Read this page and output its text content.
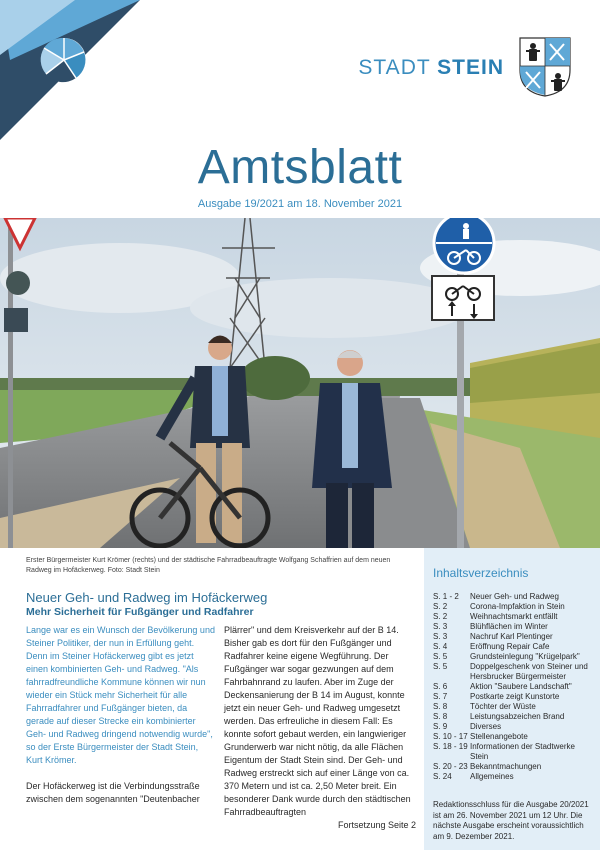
STADT STEIN
Amtsblatt
Ausgabe 19/2021 am 18. November 2021
Erster Bürgermeister Kurt Krömer (rechts) und der städtische Fahrradbeauftragte Wolfgang Schaffrien auf dem neuen Radweg im Hofäckerweg. Foto: Stadt Stein	Inhaltsverzeichnis
S. 1 - 2	Neuer Geh- und Radweg
S. 2	Corona-Impfaktion in Stein
S. 2	Weihnachtsmarkt entfällt
S. 3	Blühflächen im Winter
S. 3	Nachruf Karl Plentinger
S. 4	Eröffnung Repair Cafe
S. 5	Grundsteinlegung "Krügelpark"
S. 5	Doppelgeschenk von Steiner und Hersbrucker Bürgermeister
S. 6	Aktion "Saubere Landschaft"
S. 7	Postkarte zeigt Kunstorte
S. 8	Töchter der Wüste
S. 8	Leistungsabzeichen Brand
S. 9	Diverses
S. 10 - 17 Stellenangebote
S. 18 - 19 Informationen der Stadtwerke Stein
S. 20 - 23 Bekanntmachungen
S. 24	Allgemeines
Redaktionsschluss für die Ausgabe 20/2021 ist am 26. November 2021 um 12 Uhr. Die nächste Ausgabe erscheint voraussichtlich am 9. Dezember 2021.
Neuer Geh- und Radweg im Hofäckerweg
Mehr Sicherheit für Fußgänger und Radfahrer

Lange war es ein Wunsch der Bevölkerung und Steiner Politiker, der nun in Erfüllung geht. Denn im Steiner Hofäckerweg gibt es jetzt einen kombinierten Geh- und Radweg. "Als fahrradfreundliche Kommune können wir nun wieder ein Stück mehr Sicherheit für alle Fahrradfahrer und Fußgänger bieten, da gerade auf dieser Strecke ein kombinierter Geh- und Radweg dringend notwendig wurde", so der Erste Bürgermeister der Stadt Stein, Kurt Krömer.

Der Hofäckerweg ist die Verbindungsstraße zwischen dem sogenannten "Deutenbacher

Plärrer" und dem Kreisverkehr auf der B 14. Bisher gab es dort für den Fußgänger und Radfahrer keine eigene Wegführung. Der Fußgänger war sogar gezwungen auf dem Fahrbahnrand zu laufen. Aber im Zuge der Deckensanierung der B 14 im August, konnte jetzt ein neuer Geh- und Radweg umgesetzt werden. Das erfreuliche in diesem Fall: Es konnte sofort gebaut werden, ein langwieriger Grunderwerb war nicht nötig, da alle Flächen Eigentum der Stadt Stein sind. Der Geh- und Radweg erstreckt sich auf einer Länge von ca. 370 Metern und ist ca. 2,50 Meter breit. Ein besonderer Dank wurde durch den städtischen Fahrradbeauftragten

Fortsetzung Seite 2
